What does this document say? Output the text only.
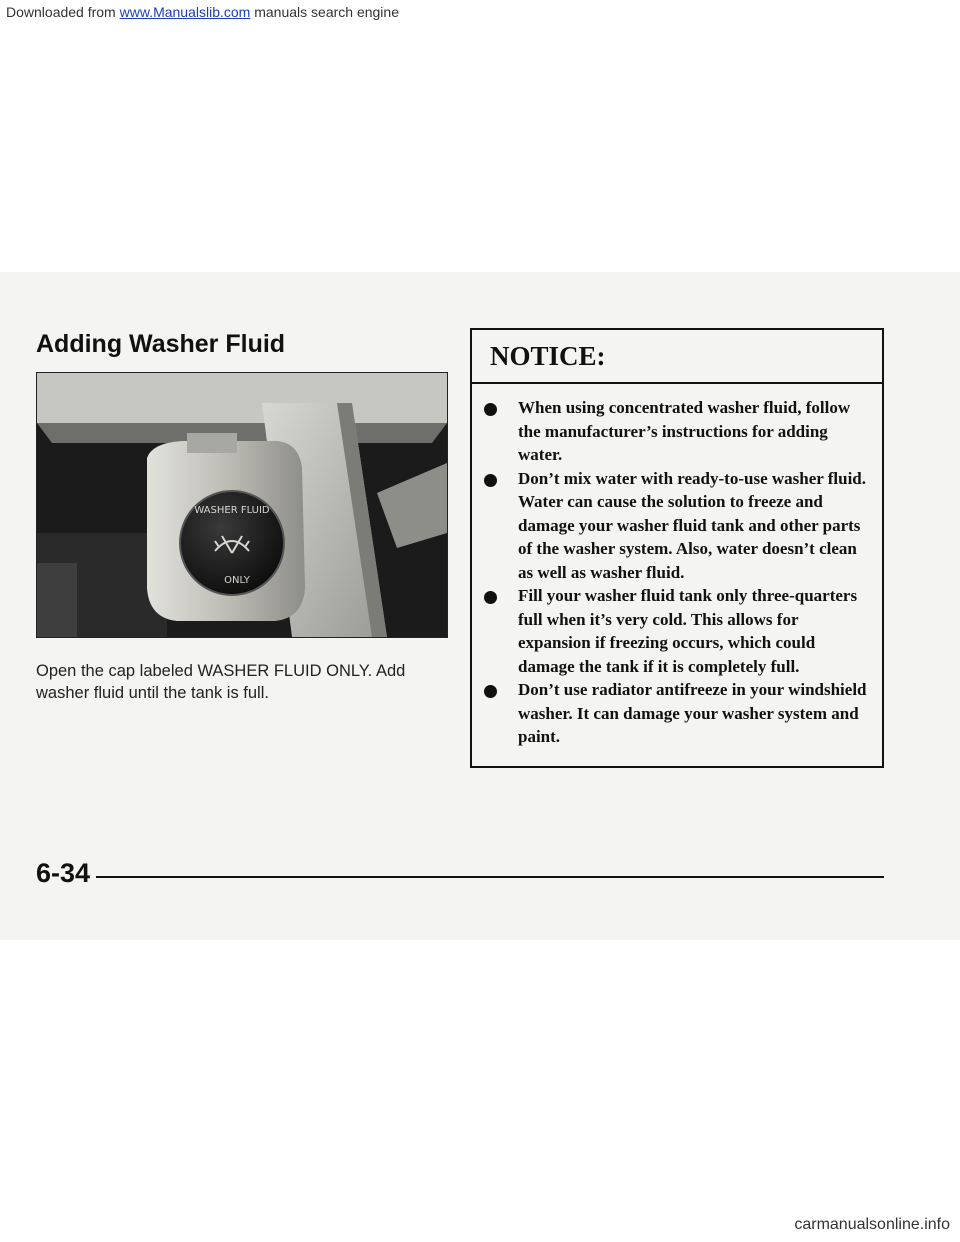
Downloaded from www.Manualslib.com manuals search engine
Adding Washer Fluid
WASHER FLUID
ONLY

Open the cap labeled WASHER FLUID ONLY. Add washer fluid until the tank is full.

NOTICE:
When using concentrated washer fluid, follow the manufacturer’s instructions for adding water.
Don’t mix water with ready-to-use washer fluid. Water can cause the solution to freeze and damage your washer fluid tank and other parts of the washer system. Also, water doesn’t clean as well as washer fluid.
Fill your washer fluid tank only three-quarters full when it’s very cold. This allows for expansion if freezing occurs, which could damage the tank if it is completely full.
Don’t use radiator antifreeze in your windshield washer. It can damage your washer system and paint.
6-34
carmanualsonline.info
